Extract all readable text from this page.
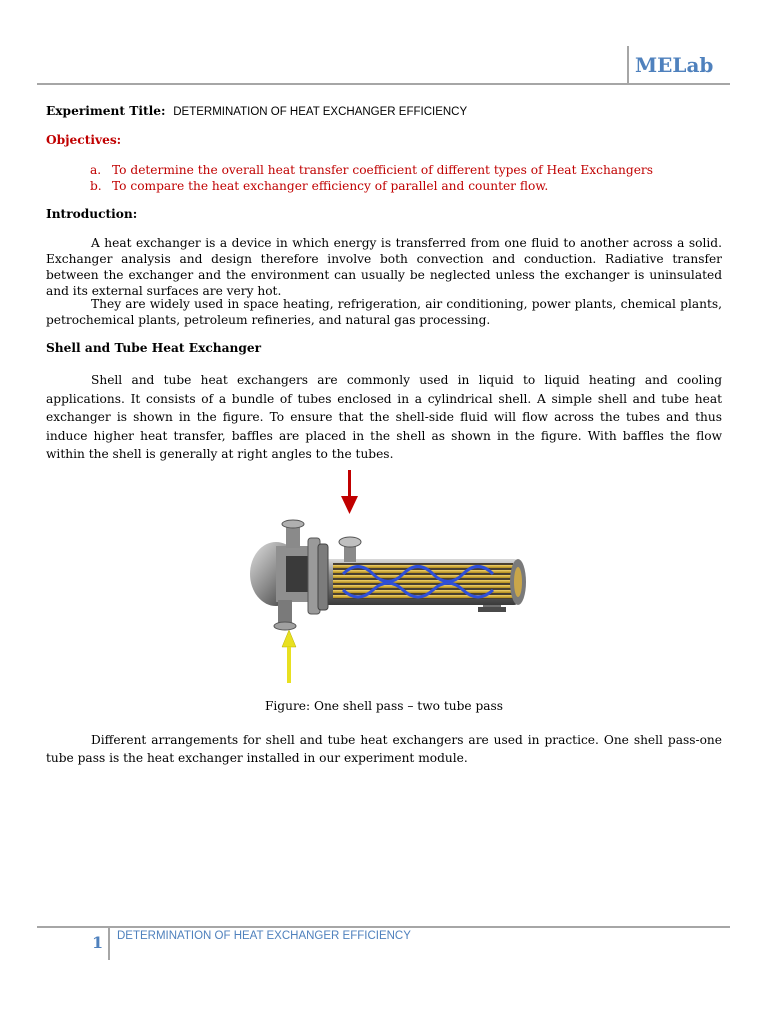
MELab
Experiment Title: DETERMINATION OF HEAT EXCHANGER EFFICIENCY
Objectives:
a. To determine the overall heat transfer coefficient of different types of Heat Exchangers
b. To compare the heat exchanger efficiency of parallel and counter flow.
Introduction:
A heat exchanger is a device in which energy is transferred from one fluid to another across a solid. Exchanger analysis and design therefore involve both convection and conduction. Radiative transfer between the exchanger and the environment can usually be neglected unless the exchanger is uninsulated and its external surfaces are very hot.
They are widely used in space heating, refrigeration, air conditioning, power plants, chemical plants, petrochemical plants, petroleum refineries, and natural gas processing.
Shell and Tube Heat Exchanger
Shell and tube heat exchangers are commonly used in liquid to liquid heating and cooling applications. It consists of a bundle of tubes enclosed in a cylindrical shell. A simple shell and tube heat exchanger is shown in the figure. To ensure that the shell-side fluid will flow across the tubes and thus induce higher heat transfer, baffles are placed in the shell as shown in the figure. With baffles the flow within the shell is generally at right angles to the tubes.
Figure: One shell pass – two tube pass
Different arrangements for shell and tube heat exchangers are used in practice. One shell pass-one tube pass is the heat exchanger installed in our experiment module.
1 DETERMINATION OF HEAT EXCHANGER EFFICIENCY
